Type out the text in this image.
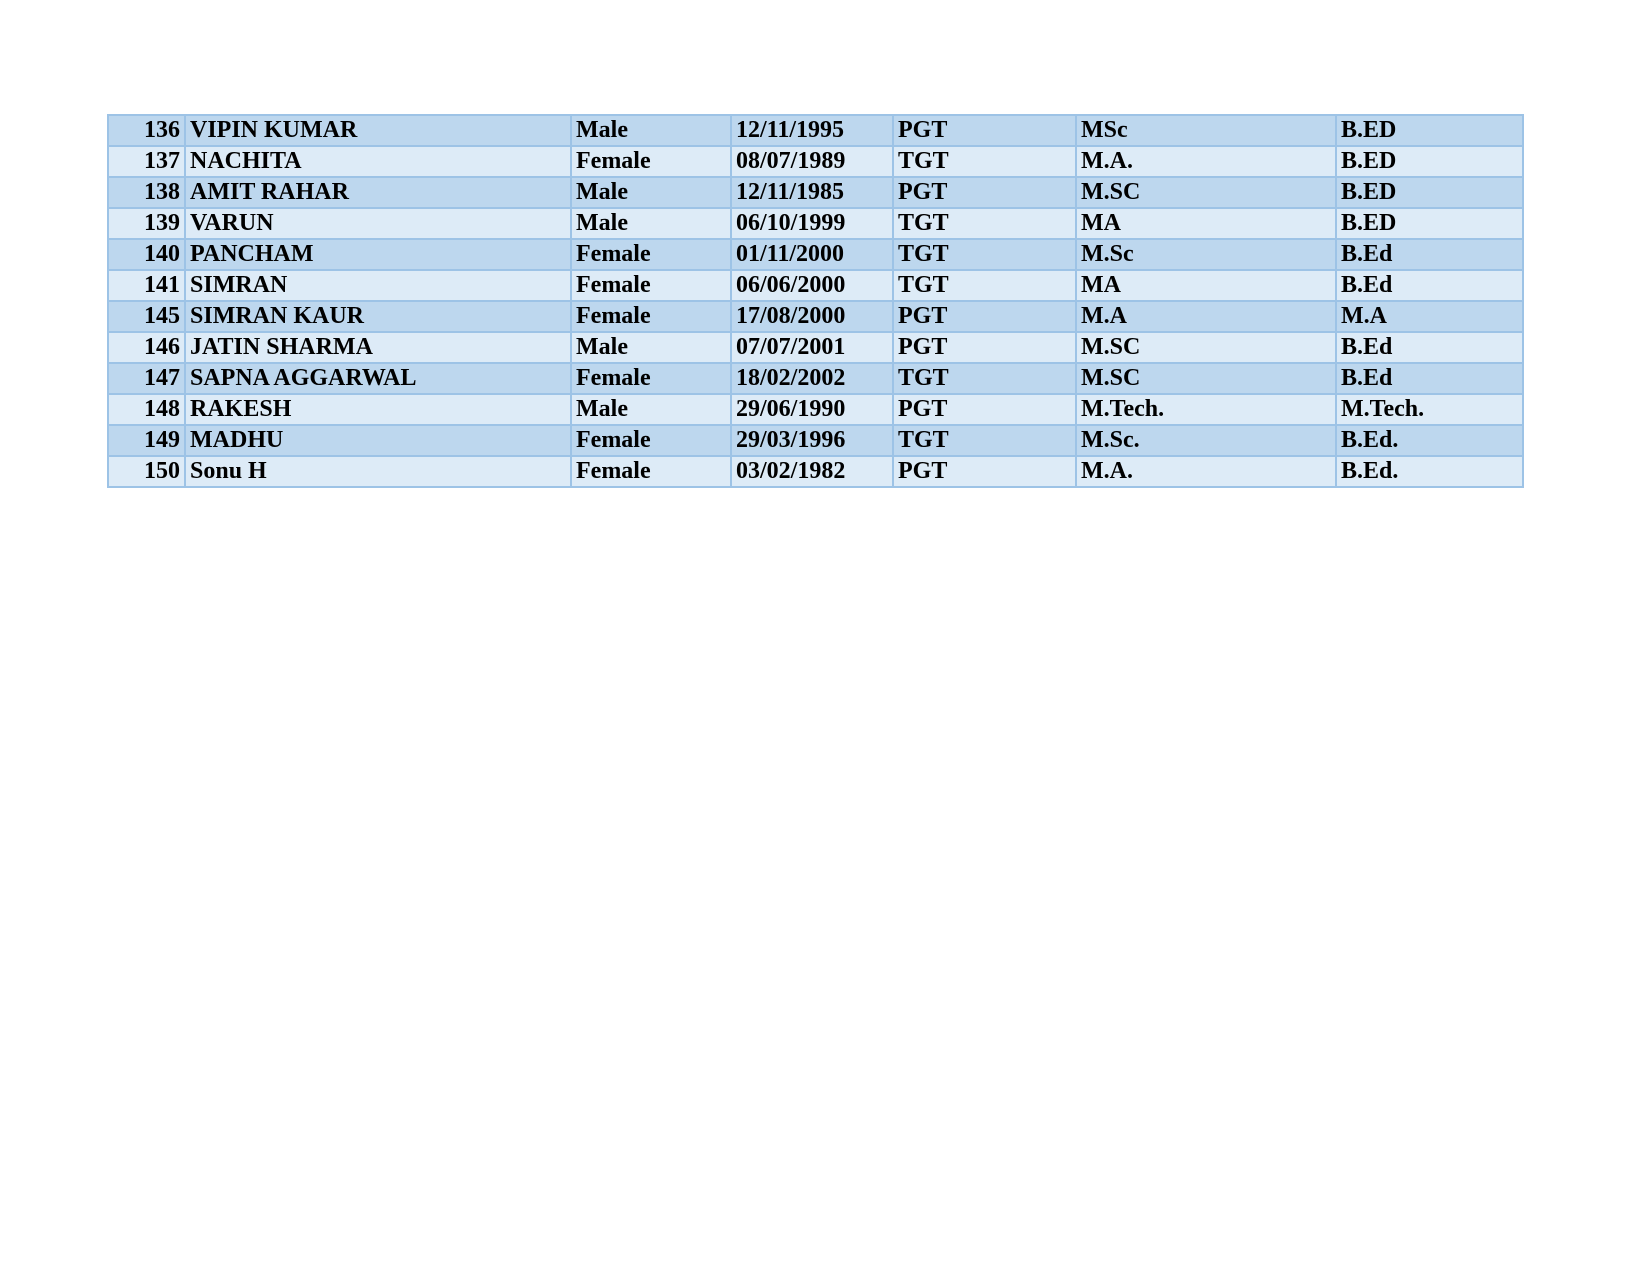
136	VIPIN KUMAR	Male	12/11/1995	PGT	MSc	B.ED
137	NACHITA	Female	08/07/1989	TGT	M.A.	B.ED
138	AMIT RAHAR	Male	12/11/1985	PGT	M.SC	B.ED
139	VARUN	Male	06/10/1999	TGT	MA	B.ED
140	PANCHAM	Female	01/11/2000	TGT	M.Sc	B.Ed
141	SIMRAN	Female	06/06/2000	TGT	MA	B.Ed
145	SIMRAN KAUR	Female	17/08/2000	PGT	M.A	M.A
146	JATIN SHARMA	Male	07/07/2001	PGT	M.SC	B.Ed
147	SAPNA AGGARWAL	Female	18/02/2002	TGT	M.SC	B.Ed
148	RAKESH	Male	29/06/1990	PGT	M.Tech.	M.Tech.
149	MADHU	Female	29/03/1996	TGT	M.Sc.	B.Ed.
150	Sonu H	Female	03/02/1982	PGT	M.A.	B.Ed.
